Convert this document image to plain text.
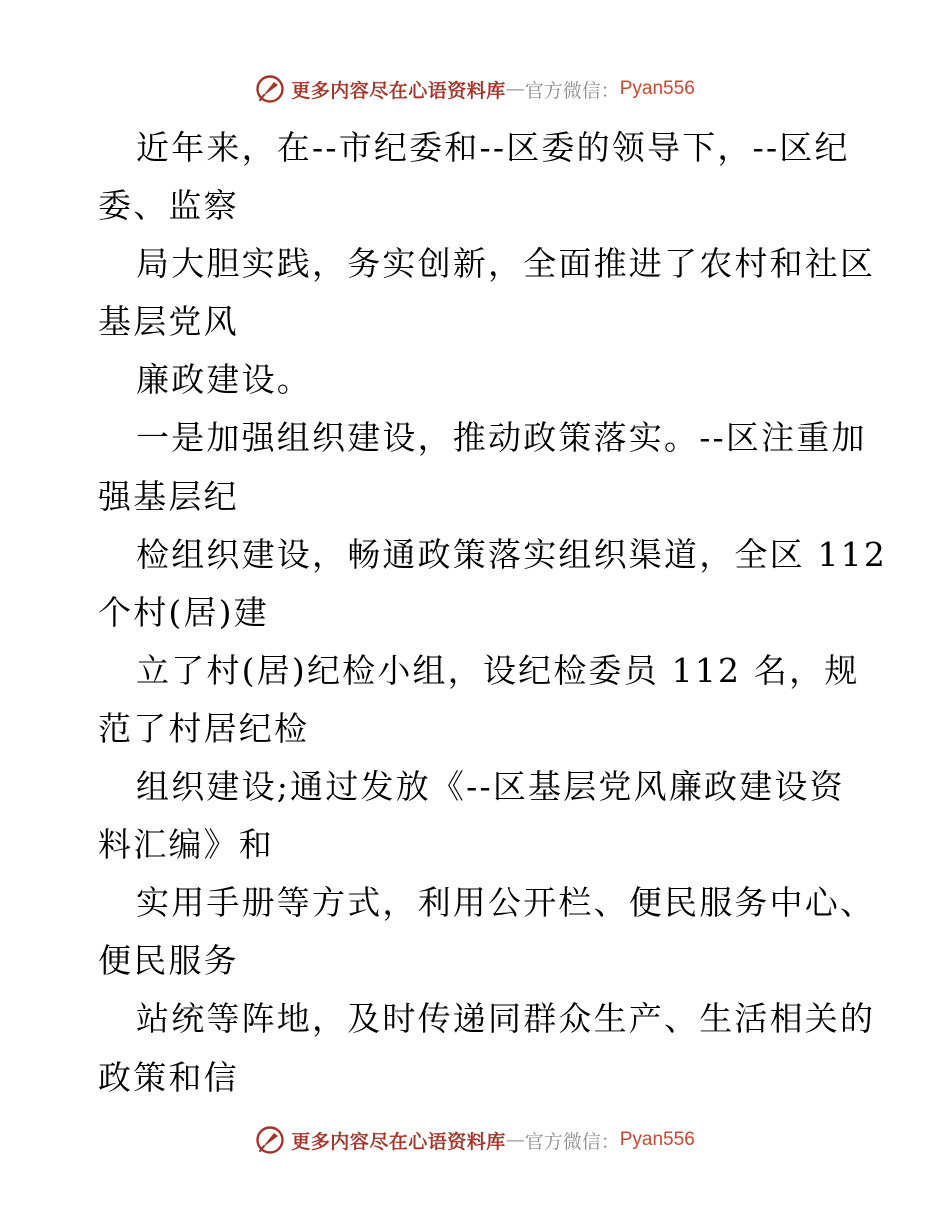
更多内容尽在心语资料库 — 官方微信： Pyan556
近年来，在--市纪委和--区委的领导下，--区纪
委、监察
局大胆实践，务实创新，全面推进了农村和社区
基层党风
廉政建设。
一是加强组织建设，推动政策落实。--区注重加
强基层纪
检组织建设，畅通政策落实组织渠道，全区 112
个村(居)建
立了村(居)纪检小组，设纪检委员 112 名，规
范了村居纪检
组织建设;通过发放《--区基层党风廉政建设资
料汇编》和
实用手册等方式，利用公开栏、便民服务中心、
便民服务
站统等阵地，及时传递同群众生产、生活相关的
政策和信
更多内容尽在心语资料库 — 官方微信： Pyan556
